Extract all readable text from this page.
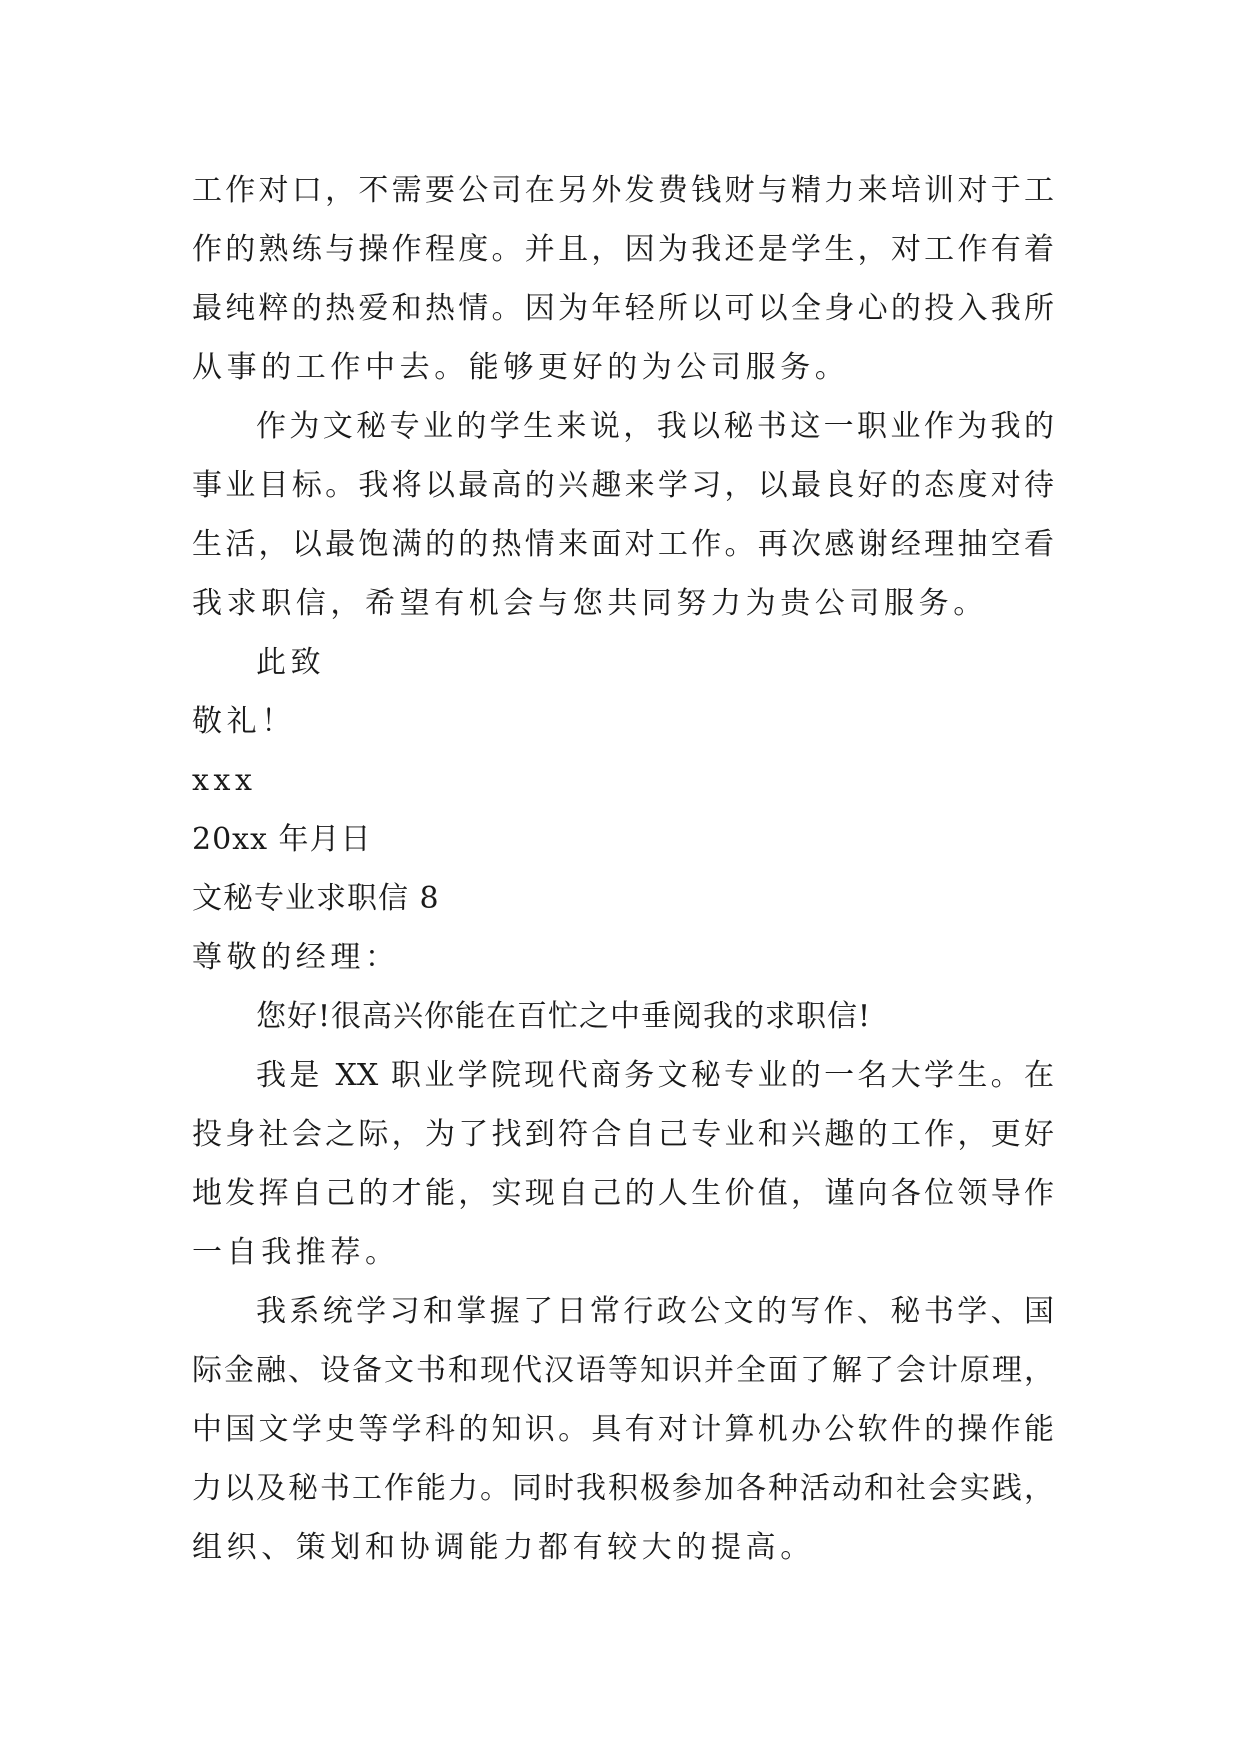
工作对口，不需要公司在另外发费钱财与精力来培训对于工
作的熟练与操作程度。并且，因为我还是学生，对工作有着
最纯粹的热爱和热情。因为年轻所以可以全身心的投入我所
从事的工作中去。能够更好的为公司服务。
作为文秘专业的学生来说，我以秘书这一职业作为我的
事业目标。我将以最高的兴趣来学习，以最良好的态度对待
生活，以最饱满的的热情来面对工作。再次感谢经理抽空看
我求职信，希望有机会与您共同努力为贵公司服务。
此致
敬礼！
xxx
20xx 年月日
文秘专业求职信 8
尊敬的经理：
您好!很高兴你能在百忙之中垂阅我的求职信!
我是 XX 职业学院现代商务文秘专业的一名大学生。在
投身社会之际，为了找到符合自己专业和兴趣的工作，更好
地发挥自己的才能，实现自己的人生价值，谨向各位领导作
一自我推荐。
我系统学习和掌握了日常行政公文的写作、秘书学、国
际金融、设备文书和现代汉语等知识并全面了解了会计原理，
中国文学史等学科的知识。具有对计算机办公软件的操作能
力以及秘书工作能力。同时我积极参加各种活动和社会实践，
组织、策划和协调能力都有较大的提高。
